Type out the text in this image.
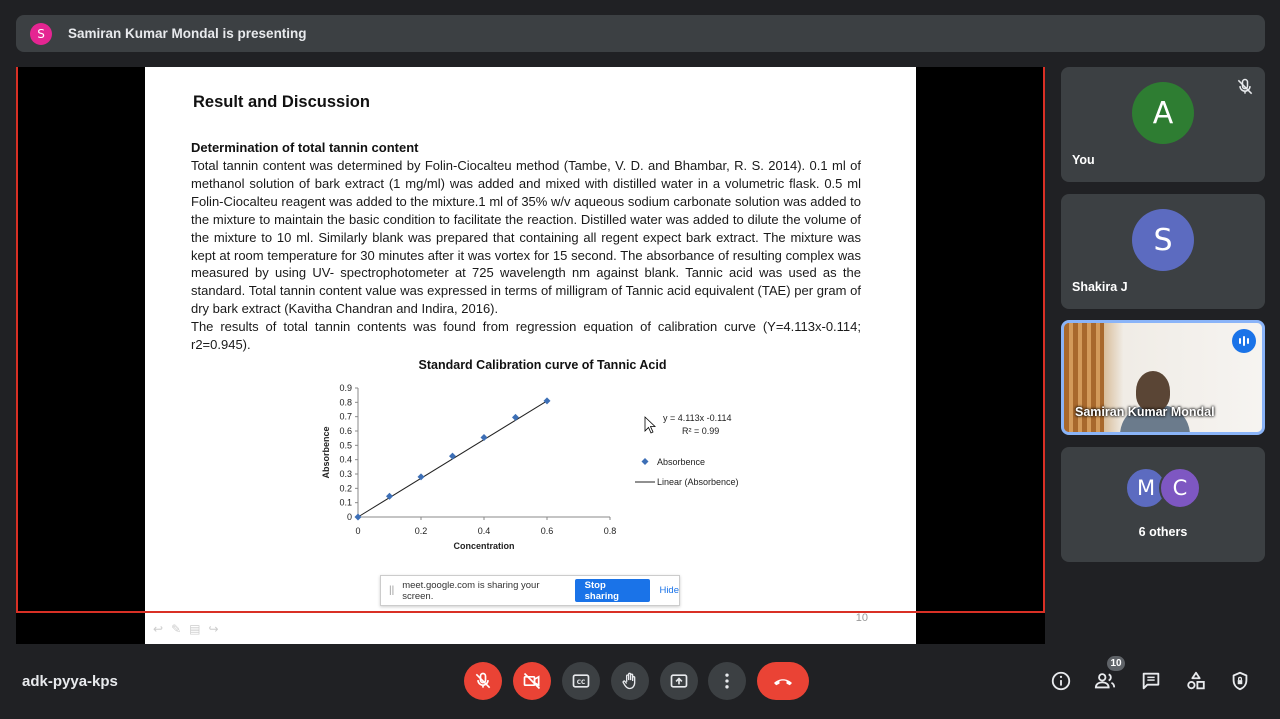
S	Samiran Kumar Mondal is presenting
Result and Discussion
Determination of total tannin content
Total tannin content was determined by Folin-Ciocalteu method (Tambe, V. D. and Bhambar, R. S. 2014). 0.1 ml of methanol solution of bark extract (1 mg/ml) was added and mixed with distilled water in a volumetric flask. 0.5 ml Folin-Ciocalteu reagent was added to the mixture.1 ml of 35% w/v aqueous sodium carbonate solution was added to the mixture to maintain the basic condition to facilitate the reaction. Distilled water was added to dilute the volume of the mixture to 10 ml. Similarly blank was prepared that containing all regent expect bark extract. The mixture was kept at room temperature for 30 minutes after it was vortex for 15 second. The absorbance of resulting complex was measured by using UV- spectrophotometer at 725 wavelength nm against blank. Tannic acid was used as the standard. Total tannin content value was expressed in terms of milligram of Tannic acid equivalent (TAE) per gram of dry bark extract (Kavitha Chandran and Indira, 2016).
The results of total tannin contents was found from regression equation of calibration curve (Y=4.113x-0.114; r2=0.945).
Standard Calibration curve of Tannic Acid
0
0.1
0.2
0.3
0.4
0.5
0.6
0.7
0.8
0.9
0	0.2	0.4	0.6	0.8
Concentration
Absorbence
y = 4.113x -0.114
R² = 0.99
Absorbence
Linear (Absorbence)
↩✎▤↪
10
|| meet.google.com is sharing your screen.
Stop sharing	Hide
A
You
S
Shakira J
Samiran Kumar Mondal
M C
6 others
adk-pyya-kps	CC
10
